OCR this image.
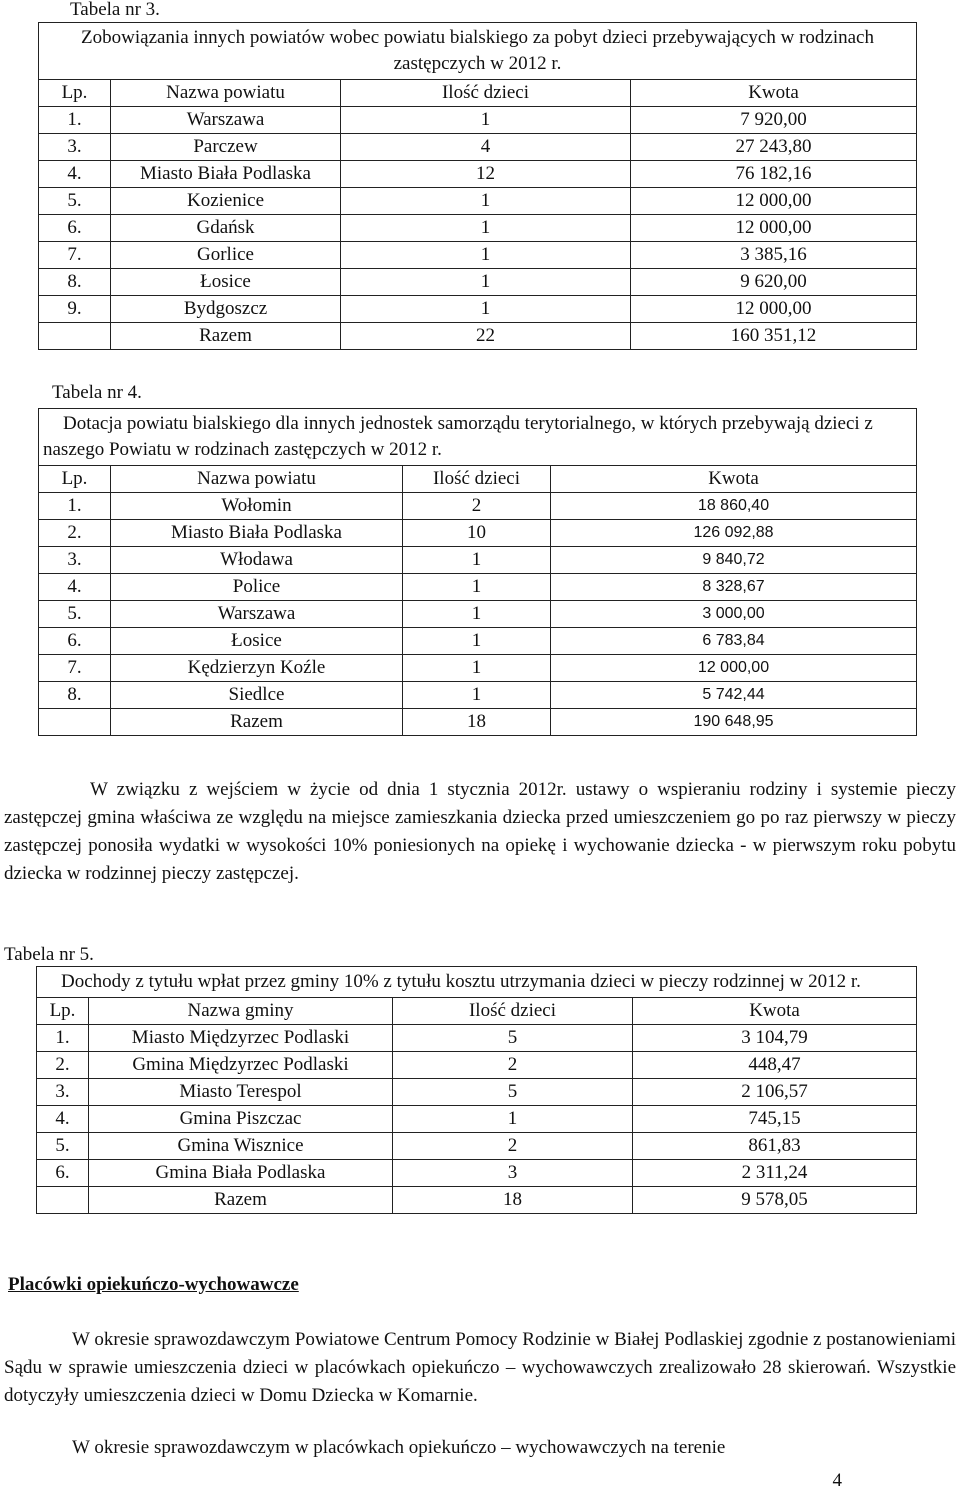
Tabela nr 3.
Zobowiązania innych powiatów wobec powiatu bialskiego za pobyt dzieci przebywających w rodzinach zastępczych w 2012 r.			
Lp.	Nazwa powiatu	Ilość dzieci	Kwota
1.	Warszawa	1	7 920,00
3.	Parczew	4	27 243,80
4.	Miasto Biała Podlaska	12	76 182,16
5.	Kozienice	1	12 000,00
6.	Gdańsk	1	12 000,00
7.	Gorlice	1	3 385,16
8.	Łosice	1	9 620,00
9.	Bydgoszcz	1	12 000,00
	Razem	22	160 351,12
Tabela nr 4.
Dotacja powiatu bialskiego dla innych jednostek samorządu terytorialnego, w których przebywają dzieci z naszego Powiatu w rodzinach zastępczych w 2012 r.			
Lp.	Nazwa powiatu	Ilość dzieci	Kwota
1.	Wołomin	2	18 860,40
2.	Miasto Biała Podlaska	10	126 092,88
3.	Włodawa	1	9 840,72
4.	Police	1	8 328,67
5.	Warszawa	1	3 000,00
6.	Łosice	1	6 783,84
7.	Kędzierzyn Koźle	1	12 000,00
8.	Siedlce	1	5 742,44
	Razem	18	190 648,95
W związku z wejściem w życie od dnia 1 stycznia 2012r. ustawy o wspieraniu rodziny i systemie pieczy zastępczej gmina właściwa ze względu na miejsce zamieszkania dziecka przed umieszczeniem go po raz pierwszy w pieczy zastępczej ponosiła wydatki w wysokości 10% poniesionych na opiekę i wychowanie dziecka - w pierwszym roku pobytu dziecka w rodzinnej pieczy zastępczej.
Tabela nr 5.
Dochody z tytułu wpłat przez gminy 10% z tytułu kosztu utrzymania dzieci w pieczy rodzinnej w 2012 r.			
Lp.	Nazwa gminy	Ilość dzieci	Kwota
1.	Miasto Międzyrzec Podlaski	5	3 104,79
2.	Gmina Międzyrzec Podlaski	2	448,47
3.	Miasto Terespol	5	2 106,57
4.	Gmina Piszczac	1	745,15
5.	Gmina Wisznice	2	861,83
6.	Gmina Biała Podlaska	3	2 311,24
	Razem	18	9 578,05
Placówki opiekuńczo-wychowawcze
W okresie sprawozdawczym Powiatowe Centrum Pomocy Rodzinie w Białej Podlaskiej zgodnie z postanowieniami Sądu w sprawie umieszczenia dzieci w placówkach opiekuńczo – wychowawczych zrealizowało 28 skierowań. Wszystkie dotyczyły umieszczenia dzieci w Domu Dziecka w Komarnie.
W okresie sprawozdawczym w placówkach opiekuńczo – wychowawczych na terenie
4
